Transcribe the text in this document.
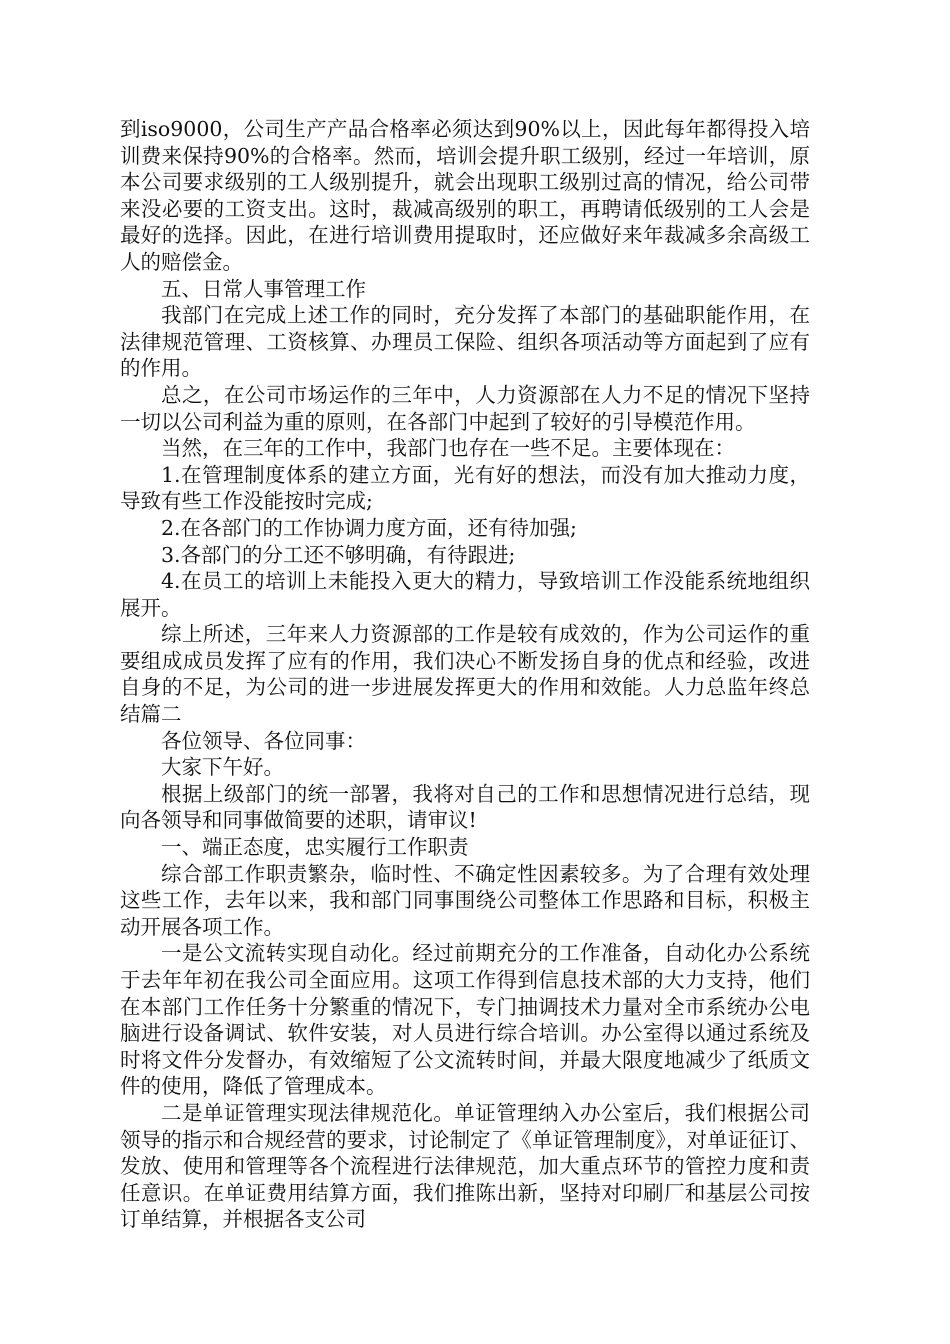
到iso9000，公司生产产品合格率必须达到90%以上，因此每年都得投入培训费来保持90%的合格率。然而，培训会提升职工级别，经过一年培训，原本公司要求级别的工人级别提升，就会出现职工级别过高的情况，给公司带来没必要的工资支出。这时，裁减高级别的职工，再聘请低级别的工人会是最好的选择。因此，在进行培训费用提取时，还应做好来年裁减多余高级工人的赔偿金。

五、日常人事管理工作

我部门在完成上述工作的同时，充分发挥了本部门的基础职能作用，在法律规范管理、工资核算、办理员工保险、组织各项活动等方面起到了应有的作用。

总之，在公司市场运作的三年中，人力资源部在人力不足的情况下坚持一切以公司利益为重的原则，在各部门中起到了较好的引导模范作用。

当然，在三年的工作中，我部门也存在一些不足。主要体现在：

1.在管理制度体系的建立方面，光有好的想法，而没有加大推动力度，导致有些工作没能按时完成;

2.在各部门的工作协调力度方面，还有待加强;

3.各部门的分工还不够明确，有待跟进;

4.在员工的培训上未能投入更大的精力，导致培训工作没能系统地组织展开。

综上所述，三年来人力资源部的工作是较有成效的，作为公司运作的重要组成成员发挥了应有的作用，我们决心不断发扬自身的优点和经验，改进自身的不足，为公司的进一步进展发挥更大的作用和效能。人力总监年终总结篇二

各位领导、各位同事：

大家下午好。

根据上级部门的统一部署，我将对自己的工作和思想情况进行总结，现向各领导和同事做简要的述职，请审议!

一、端正态度，忠实履行工作职责

综合部工作职责繁杂，临时性、不确定性因素较多。为了合理有效处理这些工作，去年以来，我和部门同事围绕公司整体工作思路和目标，积极主动开展各项工作。

一是公文流转实现自动化。经过前期充分的工作准备，自动化办公系统于去年年初在我公司全面应用。这项工作得到信息技术部的大力支持，他们在本部门工作任务十分繁重的情况下，专门抽调技术力量对全市系统办公电脑进行设备调试、软件安装，对人员进行综合培训。办公室得以通过系统及时将文件分发督办，有效缩短了公文流转时间，并最大限度地减少了纸质文件的使用，降低了管理成本。

二是单证管理实现法律规范化。单证管理纳入办公室后，我们根据公司领导的指示和合规经营的要求，讨论制定了《单证管理制度》，对单证征订、发放、使用和管理等各个流程进行法律规范，加大重点环节的管控力度和责任意识。在单证费用结算方面，我们推陈出新，坚持对印刷厂和基层公司按订单结算，并根据各支公司
